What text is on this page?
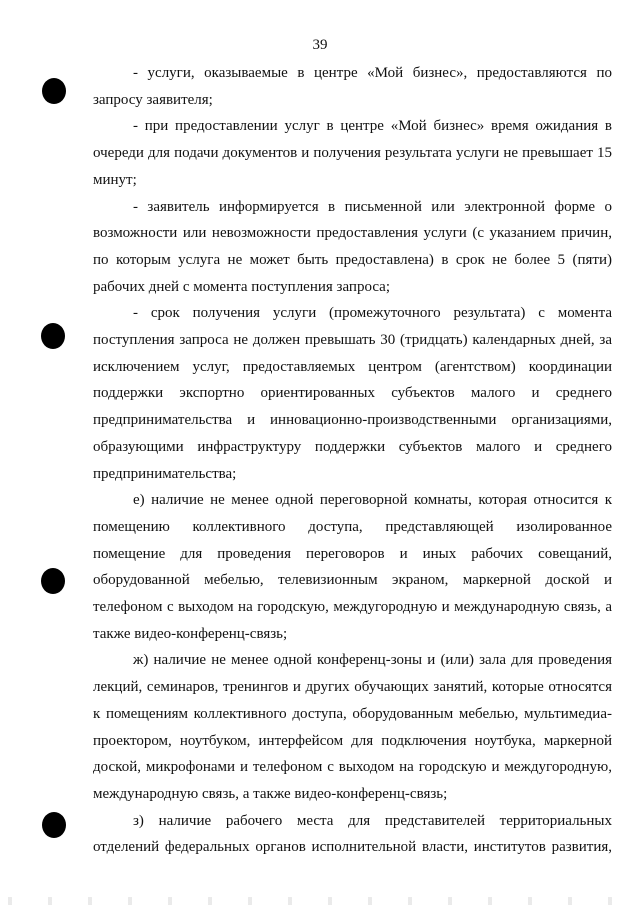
39

- услуги, оказываемые в центре «Мой бизнес», предоставляются по запросу заявителя;

- при предоставлении услуг в центре «Мой бизнес» время ожидания в очереди для подачи документов и получения результата услуги не превышает 15 минут;

- заявитель информируется в письменной или электронной форме о возможности или невозможности предоставления услуги (с указанием причин, по которым услуга не может быть предоставлена) в срок не более 5 (пяти) рабочих дней с момента поступления запроса;

- срок получения услуги (промежуточного результата) с момента поступления запроса не должен превышать 30 (тридцать) календарных дней, за исключением услуг, предоставляемых центром (агентством) координации поддержки экспортно ориентированных субъектов малого и среднего предпринимательства и инновационно-производственными организациями, образующими инфраструктуру поддержки субъектов малого и среднего предпринимательства;

е) наличие не менее одной переговорной комнаты, которая относится к помещению коллективного доступа, представляющей изолированное помещение для проведения переговоров и иных рабочих совещаний, оборудованной мебелью, телевизионным экраном, маркерной доской и телефоном с выходом на городскую, междугородную и международную связь, а также видео-конференц-связь;

ж) наличие не менее одной конференц-зоны и (или) зала для проведения лекций, семинаров, тренингов и других обучающих занятий, которые относятся к помещениям коллективного доступа, оборудованным мебелью, мультимедиа-проектором, ноутбуком, интерфейсом для подключения ноутбука, маркерной доской, микрофонами и телефоном с выходом на городскую и междугородную, международную связь, а также видео-конференц-связь;

з) наличие рабочего места для представителей территориальных отделений федеральных органов исполнительной власти, институтов развития,
